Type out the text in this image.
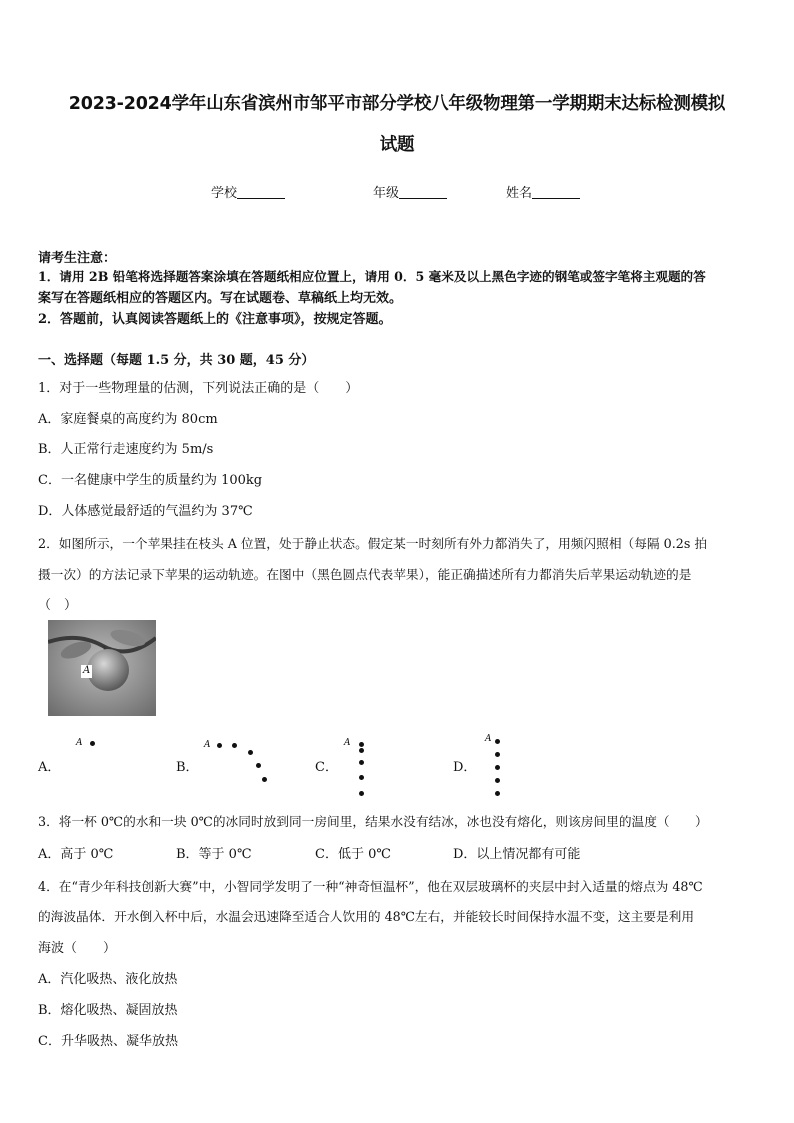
2023-2024学年山东省滨州市邹平市部分学校八年级物理第一学期期末达标检测模拟
试题
学校	年级	姓名
请考生注意：
1．请用 2B 铅笔将选择题答案涂填在答题纸相应位置上，请用 0．5 毫米及以上黑色字迹的钢笔或签字笔将主观题的答
案写在答题纸相应的答题区内。写在试题卷、草稿纸上均无效。
2．答题前，认真阅读答题纸上的《注意事项》，按规定答题。
一、选择题（每题 1.5 分，共 30 题，45 分）
1．对于一些物理量的估测，下列说法正确的是（　　）
A．家庭餐桌的高度约为 80cm
B．人正常行走速度约为 5m/s
C．一名健康中学生的质量约为 100kg
D．人体感觉最舒适的气温约为 37℃
2．如图所示，一个苹果挂在枝头 A 位置，处于静止状态。假定某一时刻所有外力都消失了，用频闪照相（每隔 0.2s 拍
摄一次）的方法记录下苹果的运动轨迹。在图中（黑色圆点代表苹果），能正确描述所有力都消失后苹果运动轨迹的是
（　）
A
A．
A
B．
A
C．
A
D．
A
3．将一杯 0℃的水和一块 0℃的冰同时放到同一房间里，结果水没有结冰，冰也没有熔化，则该房间里的温度（　　）
A．高于 0℃	B．等于 0℃	C．低于 0℃	D．以上情况都有可能
4．在“青少年科技创新大赛”中，小智同学发明了一种“神奇恒温杯”，他在双层玻璃杯的夹层中封入适量的熔点为 48℃
的海波晶体．开水倒入杯中后，水温会迅速降至适合人饮用的 48℃左右，并能较长时间保持水温不变，这主要是利用
海波（　　）
A．汽化吸热、液化放热
B．熔化吸热、凝固放热
C．升华吸热、凝华放热
